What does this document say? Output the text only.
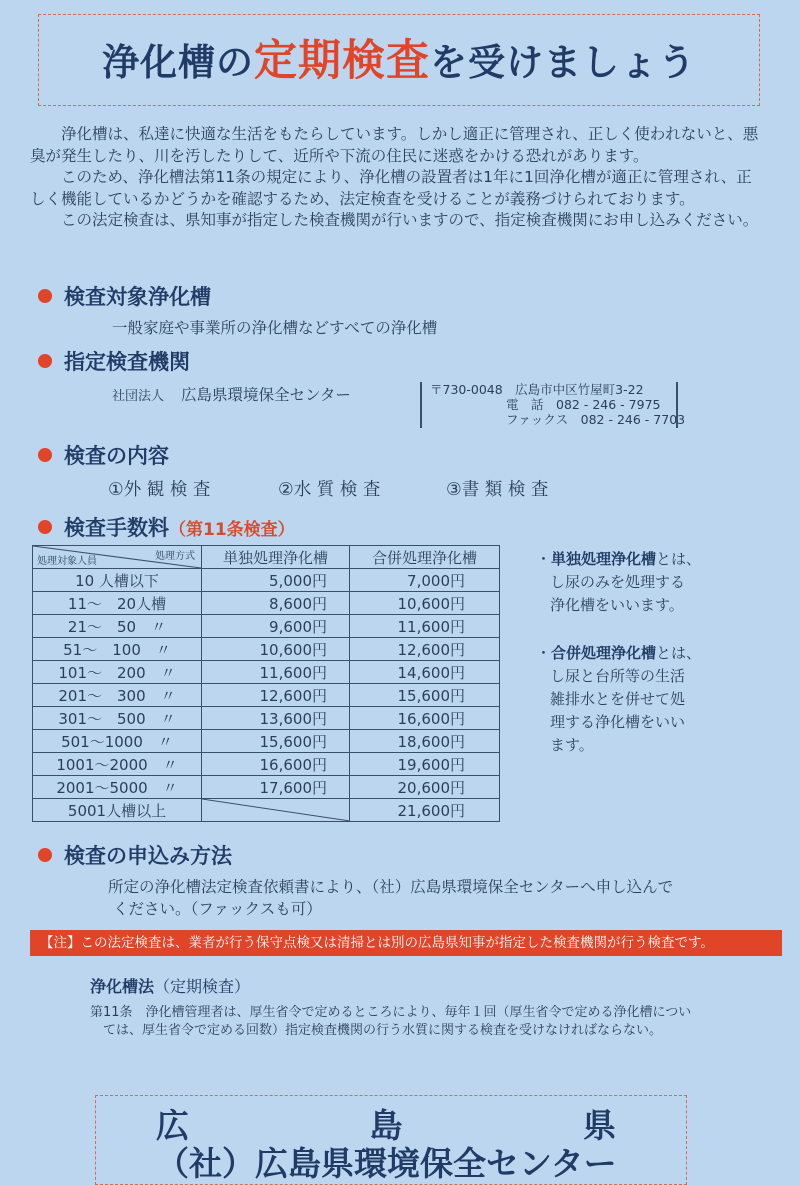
浄化槽の定期検査を受けましょう

浄化槽は、私達に快適な生活をもたらしています。しかし適正に管理され、正しく使われないと、悪臭が発生したり、川を汚したりして、近所や下流の住民に迷惑をかける恐れがあります。

このため、浄化槽法第11条の規定により、浄化槽の設置者は1年に1回浄化槽が適正に管理され、正しく機能しているかどうかを確認するため、法定検査を受けることが義務づけられております。

この法定検査は、県知事が指定した検査機関が行いますので、指定検査機関にお申し込みください。

検査対象浄化槽
一般家庭や事業所の浄化槽などすべての浄化槽
指定検査機関
社団法人 広島県環境保全センター	〒730-0048　広島市中区竹屋町3-22
電　話　 082 - 246 - 7975
ファックス　 082 - 246 - 7703
検査の内容
①外 観 検 査	②水 質 検 査	③書 類 検 査
検査手数料（第11条検査）
処理方式
処理対象人員	単独処理浄化槽	合併処理浄化槽
10 人槽以下	5,000円	7,000円
11～　20人槽	8,600円	10,600円
21～　50　〃	9,600円	11,600円
51～　100　〃	10,600円	12,600円
101～　200　〃	11,600円	14,600円
201～　300　〃	12,600円	15,600円
301～　500　〃	13,600円	16,600円
501～1000　〃	15,600円	18,600円
1001～2000　〃	16,600円	19,600円
2001～5000　〃	17,600円	20,600円
5001人槽以上		21,600円
・単独処理浄化槽とは、
し尿のみを処理する
浄化槽をいいます。
・合併処理浄化槽とは、
し尿と台所等の生活
雑排水とを併せて処
理する浄化槽をいい
ます。
検査の申込み方法
所定の浄化槽法定検査依頼書により、（社）広島県環境保全センターへ申し込んで
ください。（ファックスも可）
【注】この法定検査は、業者が行う保守点検又は清掃とは別の広島県知事が指定した検査機関が行う検査です。
浄化槽法（定期検査）

第11条　浄化槽管理者は、厚生省令で定めるところにより、毎年１回（厚生省令で定める浄化槽については、厚生省令で定める回数）指定検査機関の行う水質に関する検査を受けなければならない。

広	島	県
（社）広島県環境保全センター
